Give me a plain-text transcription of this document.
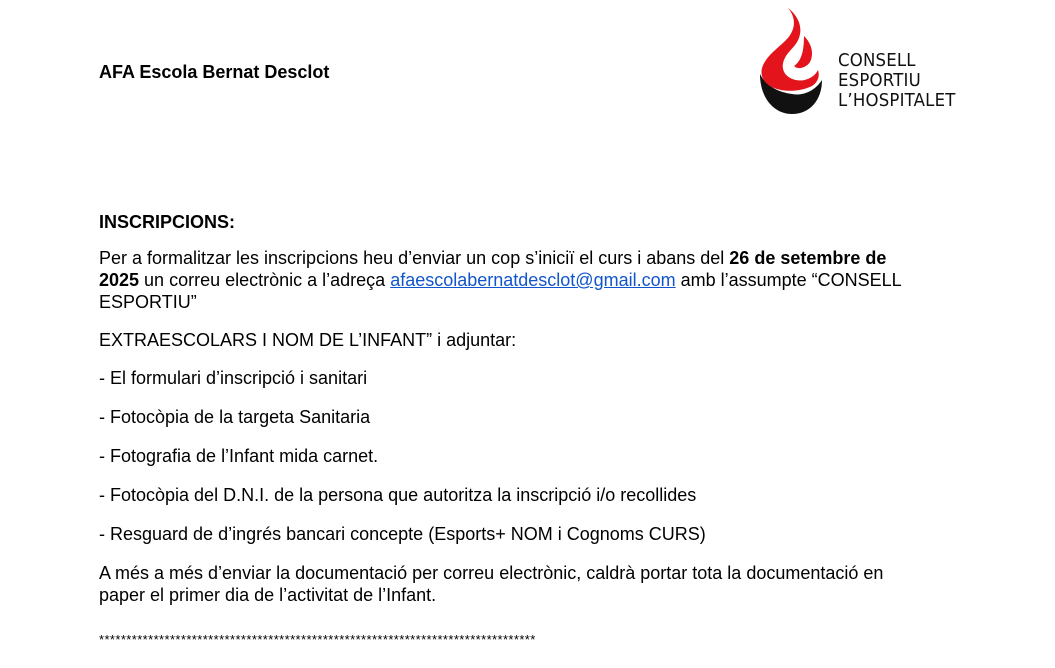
AFA Escola Bernat Desclot
CONSELL
ESPORTIU
L’HOSPITALET
INSCRIPCIONS:
Per a formalitzar les inscripcions heu d’enviar un cop s’iniciï el curs i abans del 26 de setembre de 2025 un correu electrònic a l’adreça afaescolabernatdesclot@gmail.com amb l’assumpte “CONSELL ESPORTIU”
EXTRAESCOLARS I NOM DE L’INFANT” i adjuntar:
- El formulari d’inscripció i sanitari
- Fotocòpia de la targeta Sanitaria
- Fotografia de l’Infant mida carnet.
- Fotocòpia del D.N.I. de la persona que autoritza la inscripció i/o recollides
- Resguard de d’ingrés bancari concepte (Esports+ NOM i Cognoms CURS)
A més a més d’enviar la documentació per correu electrònic, caldrà portar tota la documentació en paper el primer dia de l’activitat de l’Infant.
********************************************************************************
